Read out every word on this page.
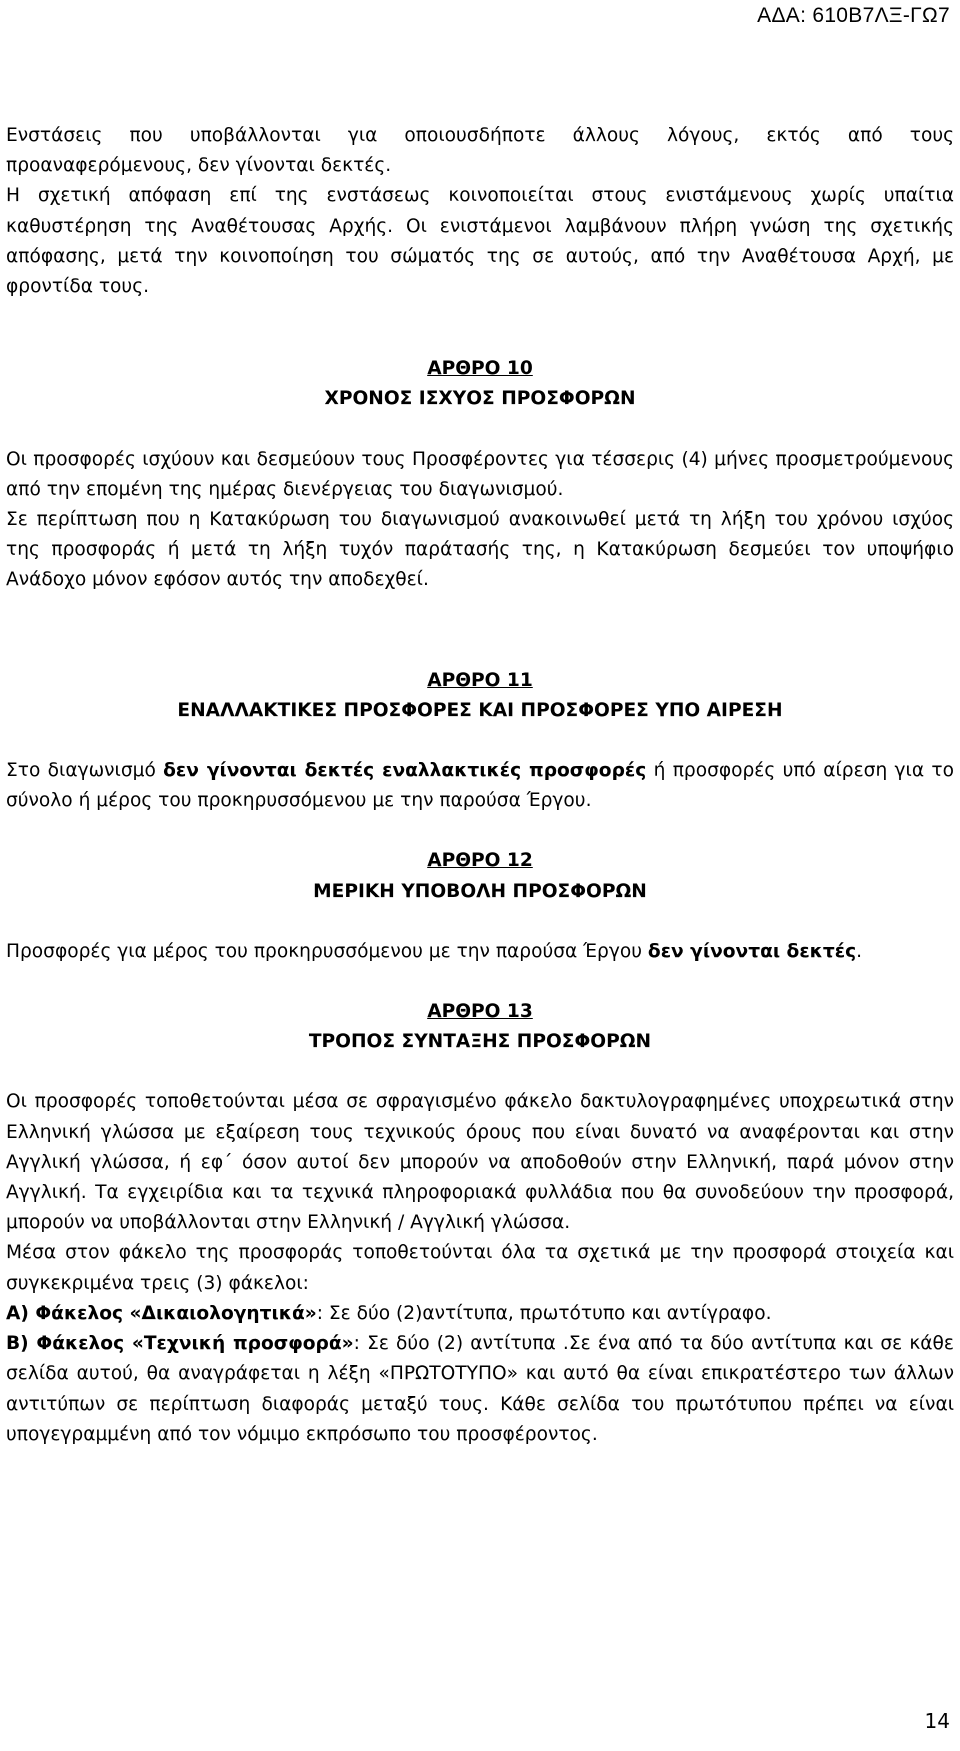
ΑΔΑ: 610Β7ΛΞ-ΓΩ7

Ενστάσεις που υποβάλλονται για οποιουσδήποτε άλλους λόγους, εκτός από τους προαναφερόμενους, δεν γίνονται δεκτές.

Η σχετική απόφαση επί της ενστάσεως κοινοποιείται στους ενιστάμενους χωρίς υπαίτια καθυστέρηση της Αναθέτουσας Αρχής. Οι ενιστάμενοι λαμβάνουν πλήρη γνώση της σχετικής απόφασης, μετά την κοινοποίηση του σώματός της σε αυτούς, από την Αναθέτουσα Αρχή, με φροντίδα τους.

ΑΡΘΡΟ 10

ΧΡΟΝΟΣ ΙΣΧΥΟΣ ΠΡΟΣΦΟΡΩΝ

Οι προσφορές ισχύουν και δεσμεύουν τους Προσφέροντες για τέσσερις (4) μήνες προσμετρούμενους από την επομένη της ημέρας διενέργειας του διαγωνισμού.

Σε περίπτωση που η Κατακύρωση του διαγωνισμού ανακοινωθεί μετά τη λήξη του χρόνου ισχύος της προσφοράς ή μετά τη λήξη τυχόν παράτασής της, η Κατακύρωση δεσμεύει τον υποψήφιο Ανάδοχο μόνον εφόσον αυτός την αποδεχθεί.

ΑΡΘΡΟ 11

ΕΝΑΛΛΑΚΤΙΚΕΣ ΠΡΟΣΦΟΡΕΣ ΚΑΙ ΠΡΟΣΦΟΡΕΣ ΥΠΟ ΑΙΡΕΣΗ

Στο διαγωνισμό δεν γίνονται δεκτές εναλλακτικές προσφορές ή προσφορές υπό αίρεση για το σύνολο ή μέρος του προκηρυσσόμενου με την παρούσα Έργου.

ΑΡΘΡΟ 12

ΜΕΡΙΚΗ ΥΠΟΒΟΛΗ ΠΡΟΣΦΟΡΩΝ

Προσφορές για μέρος του προκηρυσσόμενου με την παρούσα Έργου δεν γίνονται δεκτές.

ΑΡΘΡΟ 13

ΤΡΟΠΟΣ ΣΥΝΤΑΞΗΣ ΠΡΟΣΦΟΡΩΝ

Οι προσφορές τοποθετούνται μέσα σε σφραγισμένο φάκελο δακτυλογραφημένες υποχρεωτικά στην Ελληνική γλώσσα με εξαίρεση τους τεχνικούς όρους που είναι δυνατό να αναφέρονται και στην Αγγλική γλώσσα, ή εφ΄ όσον αυτοί δεν μπορούν να αποδοθούν στην Ελληνική, παρά μόνον στην Αγγλική. Τα εγχειρίδια και τα τεχνικά πληροφοριακά φυλλάδια που θα συνοδεύουν την προσφορά, μπορούν να υποβάλλονται στην Ελληνική / Αγγλική γλώσσα.

Μέσα στον φάκελο της προσφοράς τοποθετούνται όλα τα σχετικά με την προσφορά στοιχεία και συγκεκριμένα τρεις (3) φάκελοι:

Α) Φάκελος «Δικαιολογητικά»: Σε δύο (2)αντίτυπα, πρωτότυπο και αντίγραφο.

Β) Φάκελος «Τεχνική προσφορά»: Σε δύο (2) αντίτυπα .Σε ένα από τα δύο αντίτυπα και σε κάθε σελίδα αυτού, θα αναγράφεται η λέξη «ΠΡΩΤΟΤΥΠΟ» και αυτό θα είναι επικρατέστερο των άλλων αντιτύπων σε περίπτωση διαφοράς μεταξύ τους. Κάθε σελίδα του πρωτότυπου πρέπει να είναι υπογεγραμμένη από τον νόμιμο εκπρόσωπο του προσφέροντος.

14
